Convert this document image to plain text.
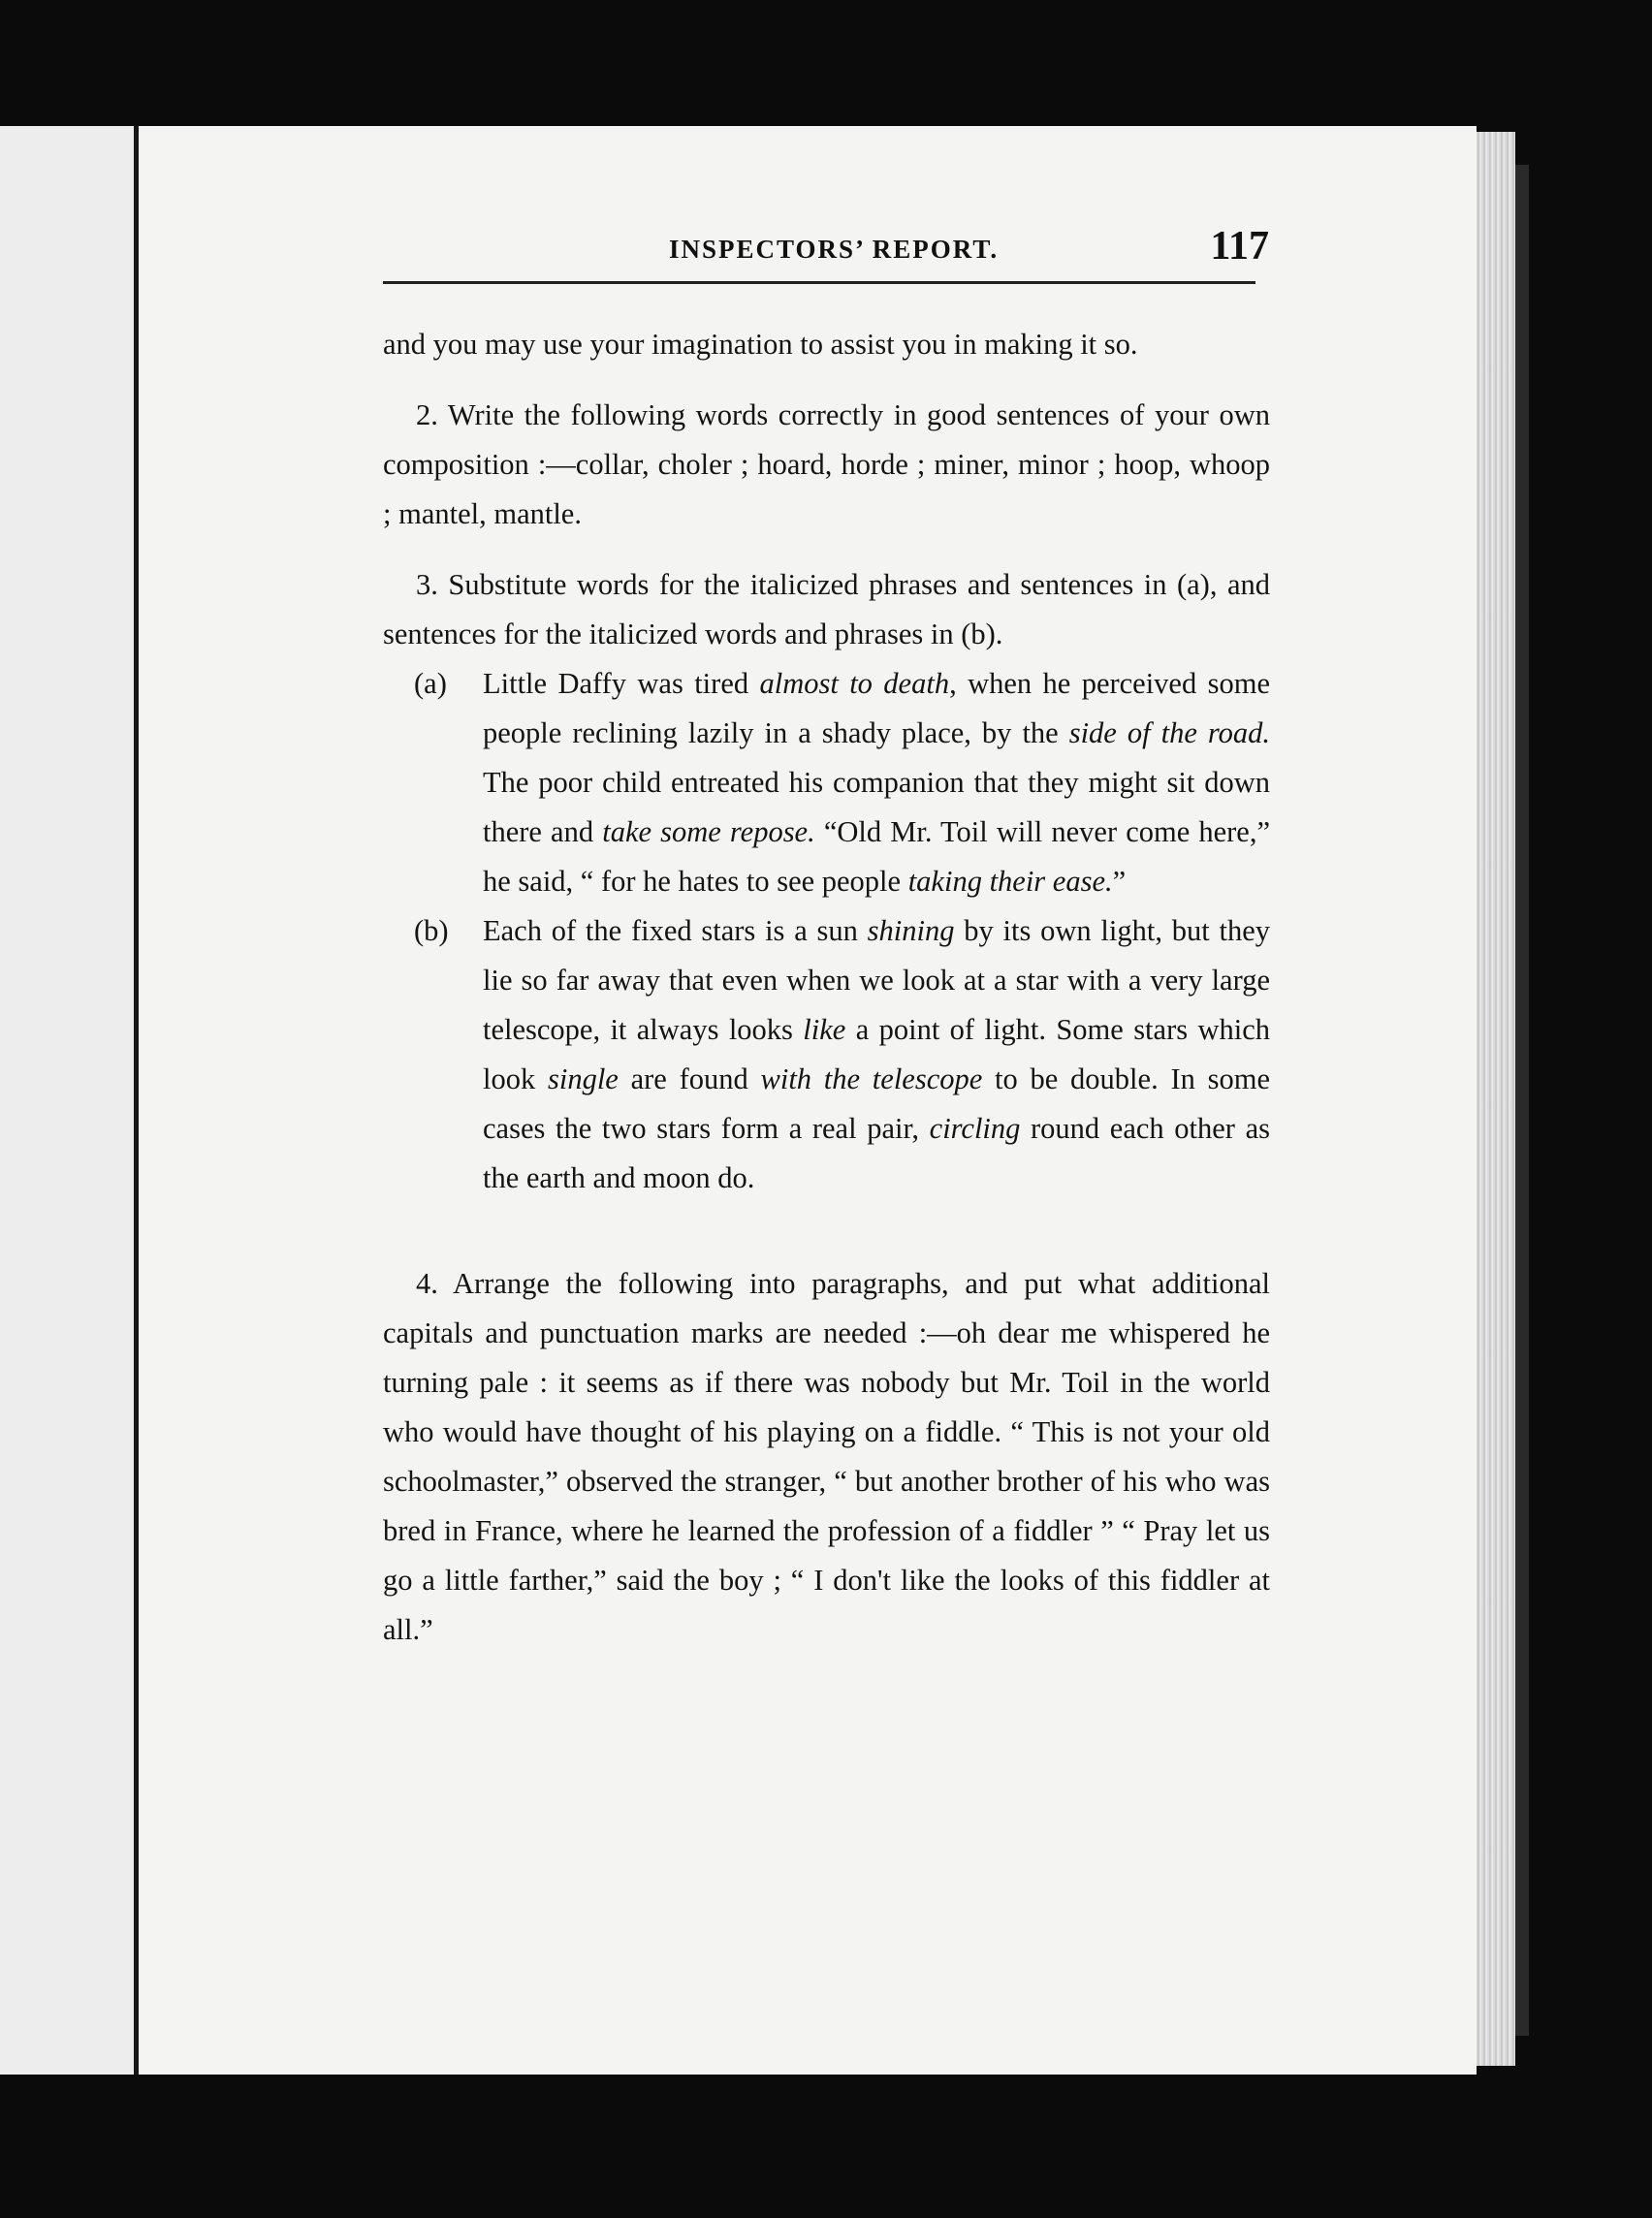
INSPECTORS’ REPORT.	117

and you may use your imagination to assist you in making it so.

2. Write the following words correctly in good sentences of your own composition :—collar, choler ; hoard, horde ; miner, minor ; hoop, whoop ; mantel, mantle.

3. Substitute words for the italicized phrases and sentences in (a), and sentences for the italicized words and phrases in (b).

(a) Little Daffy was tired almost to death, when he perceived some people reclining lazily in a shady place, by the side of the road. The poor child entreated his companion that they might sit down there and take some repose. “Old Mr. Toil will never come here,” he said, “ for he hates to see people taking their ease.”

(b) Each of the fixed stars is a sun shining by its own light, but they lie so far away that even when we look at a star with a very large telescope, it always looks like a point of light. Some stars which look single are found with the telescope to be double. In some cases the two stars form a real pair, circling round each other as the earth and moon do.

4. Arrange the following into paragraphs, and put what additional capitals and punctuation marks are needed :—oh dear me whispered he turning pale : it seems as if there was nobody but Mr. Toil in the world who would have thought of his playing on a fiddle. “ This is not your old schoolmaster,” observed the stranger, “ but another brother of his who was bred in France, where he learned the profession of a fiddler ” “ Pray let us go a little farther,” said the boy ; “ I don't like the looks of this fiddler at all.”
